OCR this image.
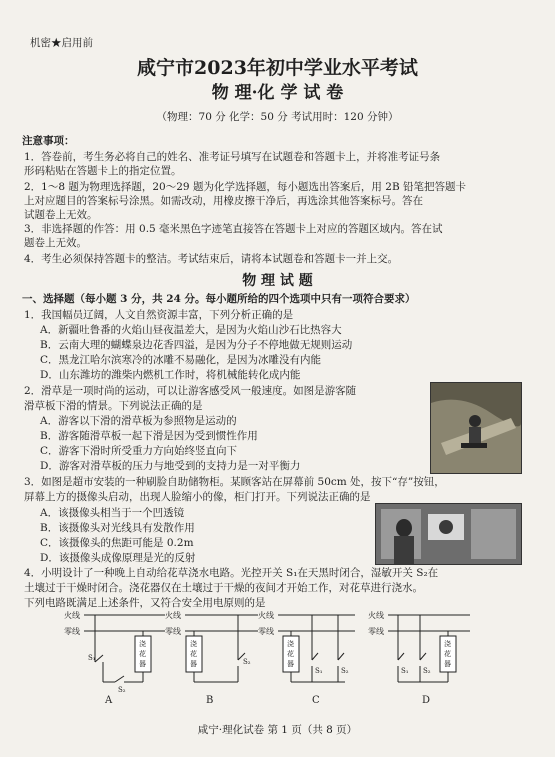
机密★启用前
咸宁市2023年初中学业水平考试
物 理·化 学 试 卷
（物理：70 分 化学：50 分 考试用时：120 分钟）
注意事项：
1．答卷前，考生务必将自己的姓名、准考证号填写在试题卷和答题卡上，并将准考证号条
形码粘贴在答题卡上的指定位置。
2．1～8 题为物理选择题，20～29 题为化学选择题，每小题选出答案后，用 2B 铅笔把答题卡
上对应题目的答案标号涂黑。如需改动，用橡皮擦干净后，再选涂其他答案标号。答在
试题卷上无效。
3．非选择题的作答：用 0.5 毫米黑色字迹笔直接答在答题卡上对应的答题区域内。答在试
题卷上无效。
4．考生必须保持答题卡的整洁。考试结束后，请将本试题卷和答题卡一并上交。
物 理 试 题
一、选择题（每小题 3 分，共 24 分。每小题所给的四个选项中只有一项符合要求）
1．我国幅员辽阔，人文自然资源丰富，下列分析正确的是
A．新疆吐鲁番的火焰山昼夜温差大，是因为火焰山沙石比热容大
B．云南大理的蝴蝶泉边花香四溢，是因为分子不停地做无规则运动
C．黑龙江哈尔滨寒冷的冰雕不易融化，是因为冰雕没有内能
D．山东潍坊的潍柴内燃机工作时，将机械能转化成内能
2．滑草是一项时尚的运动，可以让游客感受风一般速度。如图是游客随
滑草板下滑的情景。下列说法正确的是
A．游客以下滑的滑草板为参照物是运动的
B．游客随滑草板一起下滑是因为受到惯性作用
C．游客下滑时所受重力方向始终竖直向下
D．游客对滑草板的压力与地受到的支持力是一对平衡力
3．如图是超市安装的一种刷脸自助储物柜。某顾客站在屏幕前 50cm 处，按下“存”按钮，
屏幕上方的摄像头启动，出现人脸缩小的像，柜门打开。下列说法正确的是
A．该摄像头相当于一个凹透镜
B．该摄像头对光线具有发散作用
C．该摄像头的焦距可能是 0.2m
D．该摄像头成像原理是光的反射
4．小明设计了一种晚上自动给花草浇水电路。光控开关 S₁在天黑时闭合，湿敏开关 S₂在
土壤过于干燥时闭合。浇花器仅在土壤过于干燥的夜间才开始工作，对花草进行浇水。
下列电路既满足上述条件，又符合安全用电原则的是
火线
零线
S₁
S₂
浇
花
器
A
火线
零线
浇
花
器	S₂
B
火线
零线
浇
花
器
S₁	S₂
C
火线
零线
S₁ S₂
浇
花
器
D
咸宁·理化试卷 第 1 页（共 8 页）
